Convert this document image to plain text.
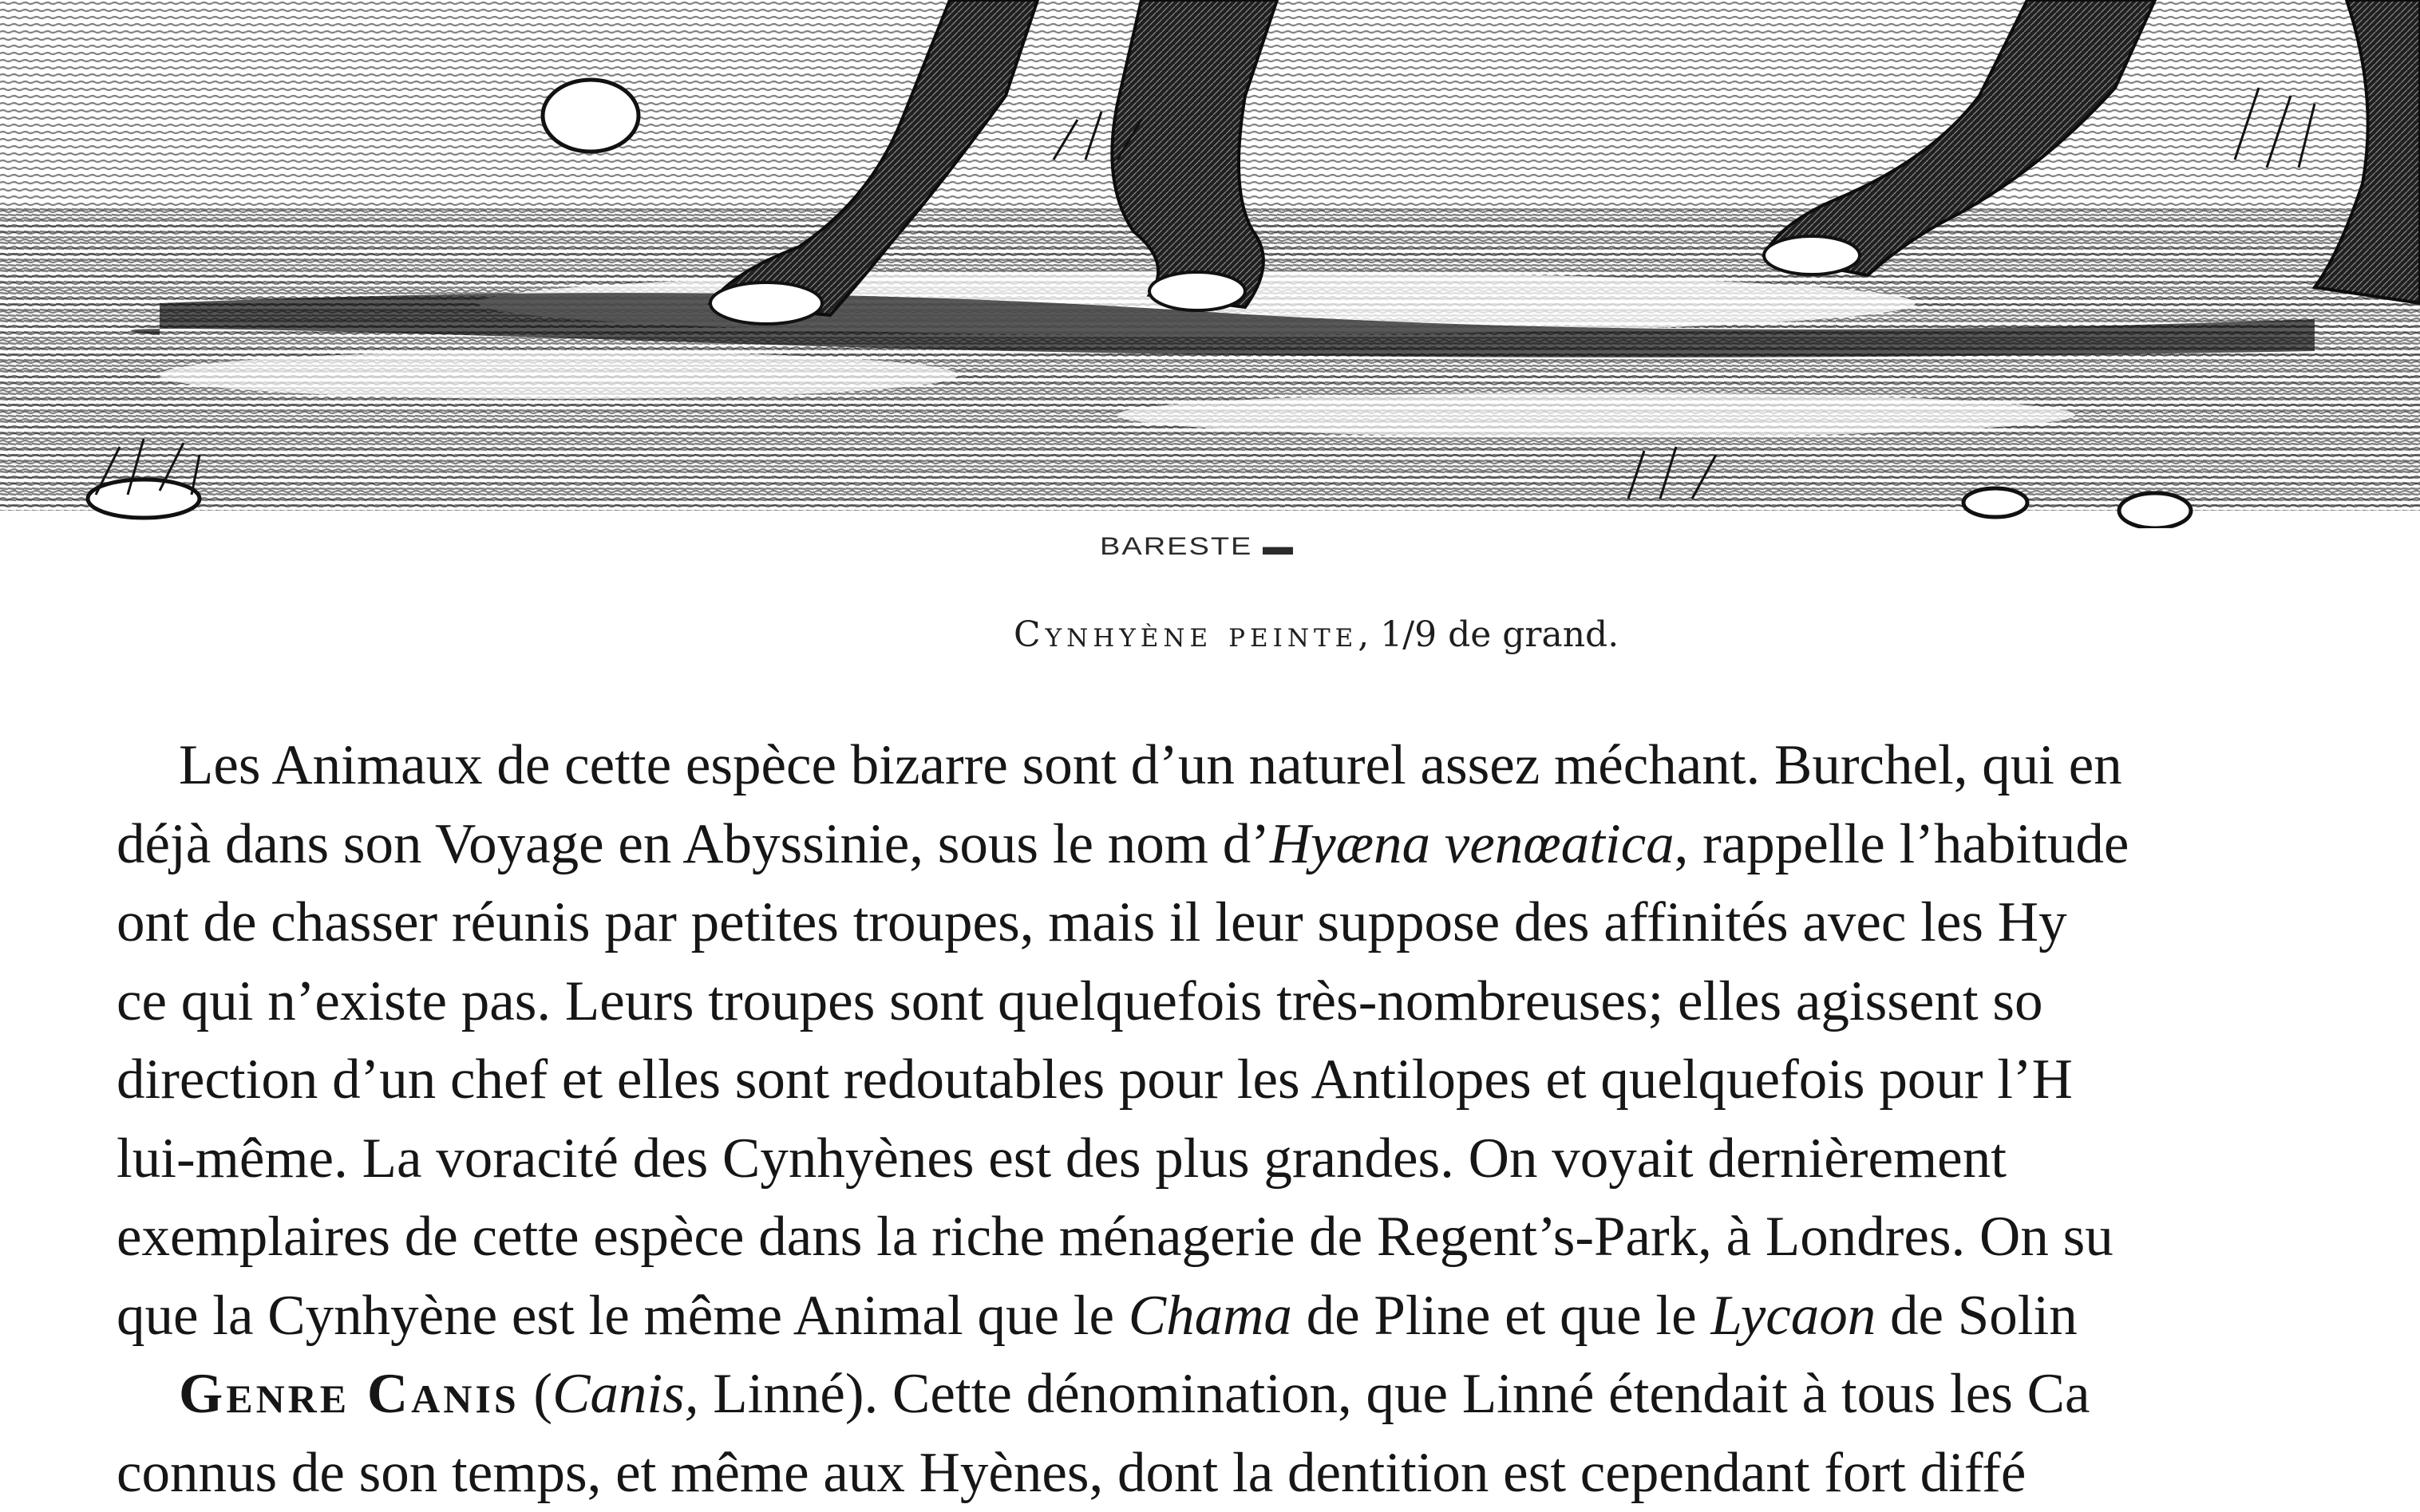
BARESTE ▬
Cynhyène peinte, 1/9 de grand.
Les Animaux de cette espèce bizarre sont d’un naturel assez méchant. Burchel, qui en
déjà dans son Voyage en Abyssinie, sous le nom d’Hyæna venœatica, rappelle l’habitude
ont de chasser réunis par petites troupes, mais il leur suppose des affinités avec les Hy
ce qui n’existe pas. Leurs troupes sont quelquefois très-nombreuses; elles agissent so
direction d’un chef et elles sont redoutables pour les Antilopes et quelquefois pour l’H
lui-même. La voracité des Cynhyènes est des plus grandes. On voyait dernièrement
exemplaires de cette espèce dans la riche ménagerie de Regent’s-Park, à Londres. On su
que la Cynhyène est le même Animal que le Chama de Pline et que le Lycaon de Solin
Genre Canis (Canis, Linné). Cette dénomination, que Linné étendait à tous les Ca
connus de son temps, et même aux Hyènes, dont la dentition est cependant fort diffé
